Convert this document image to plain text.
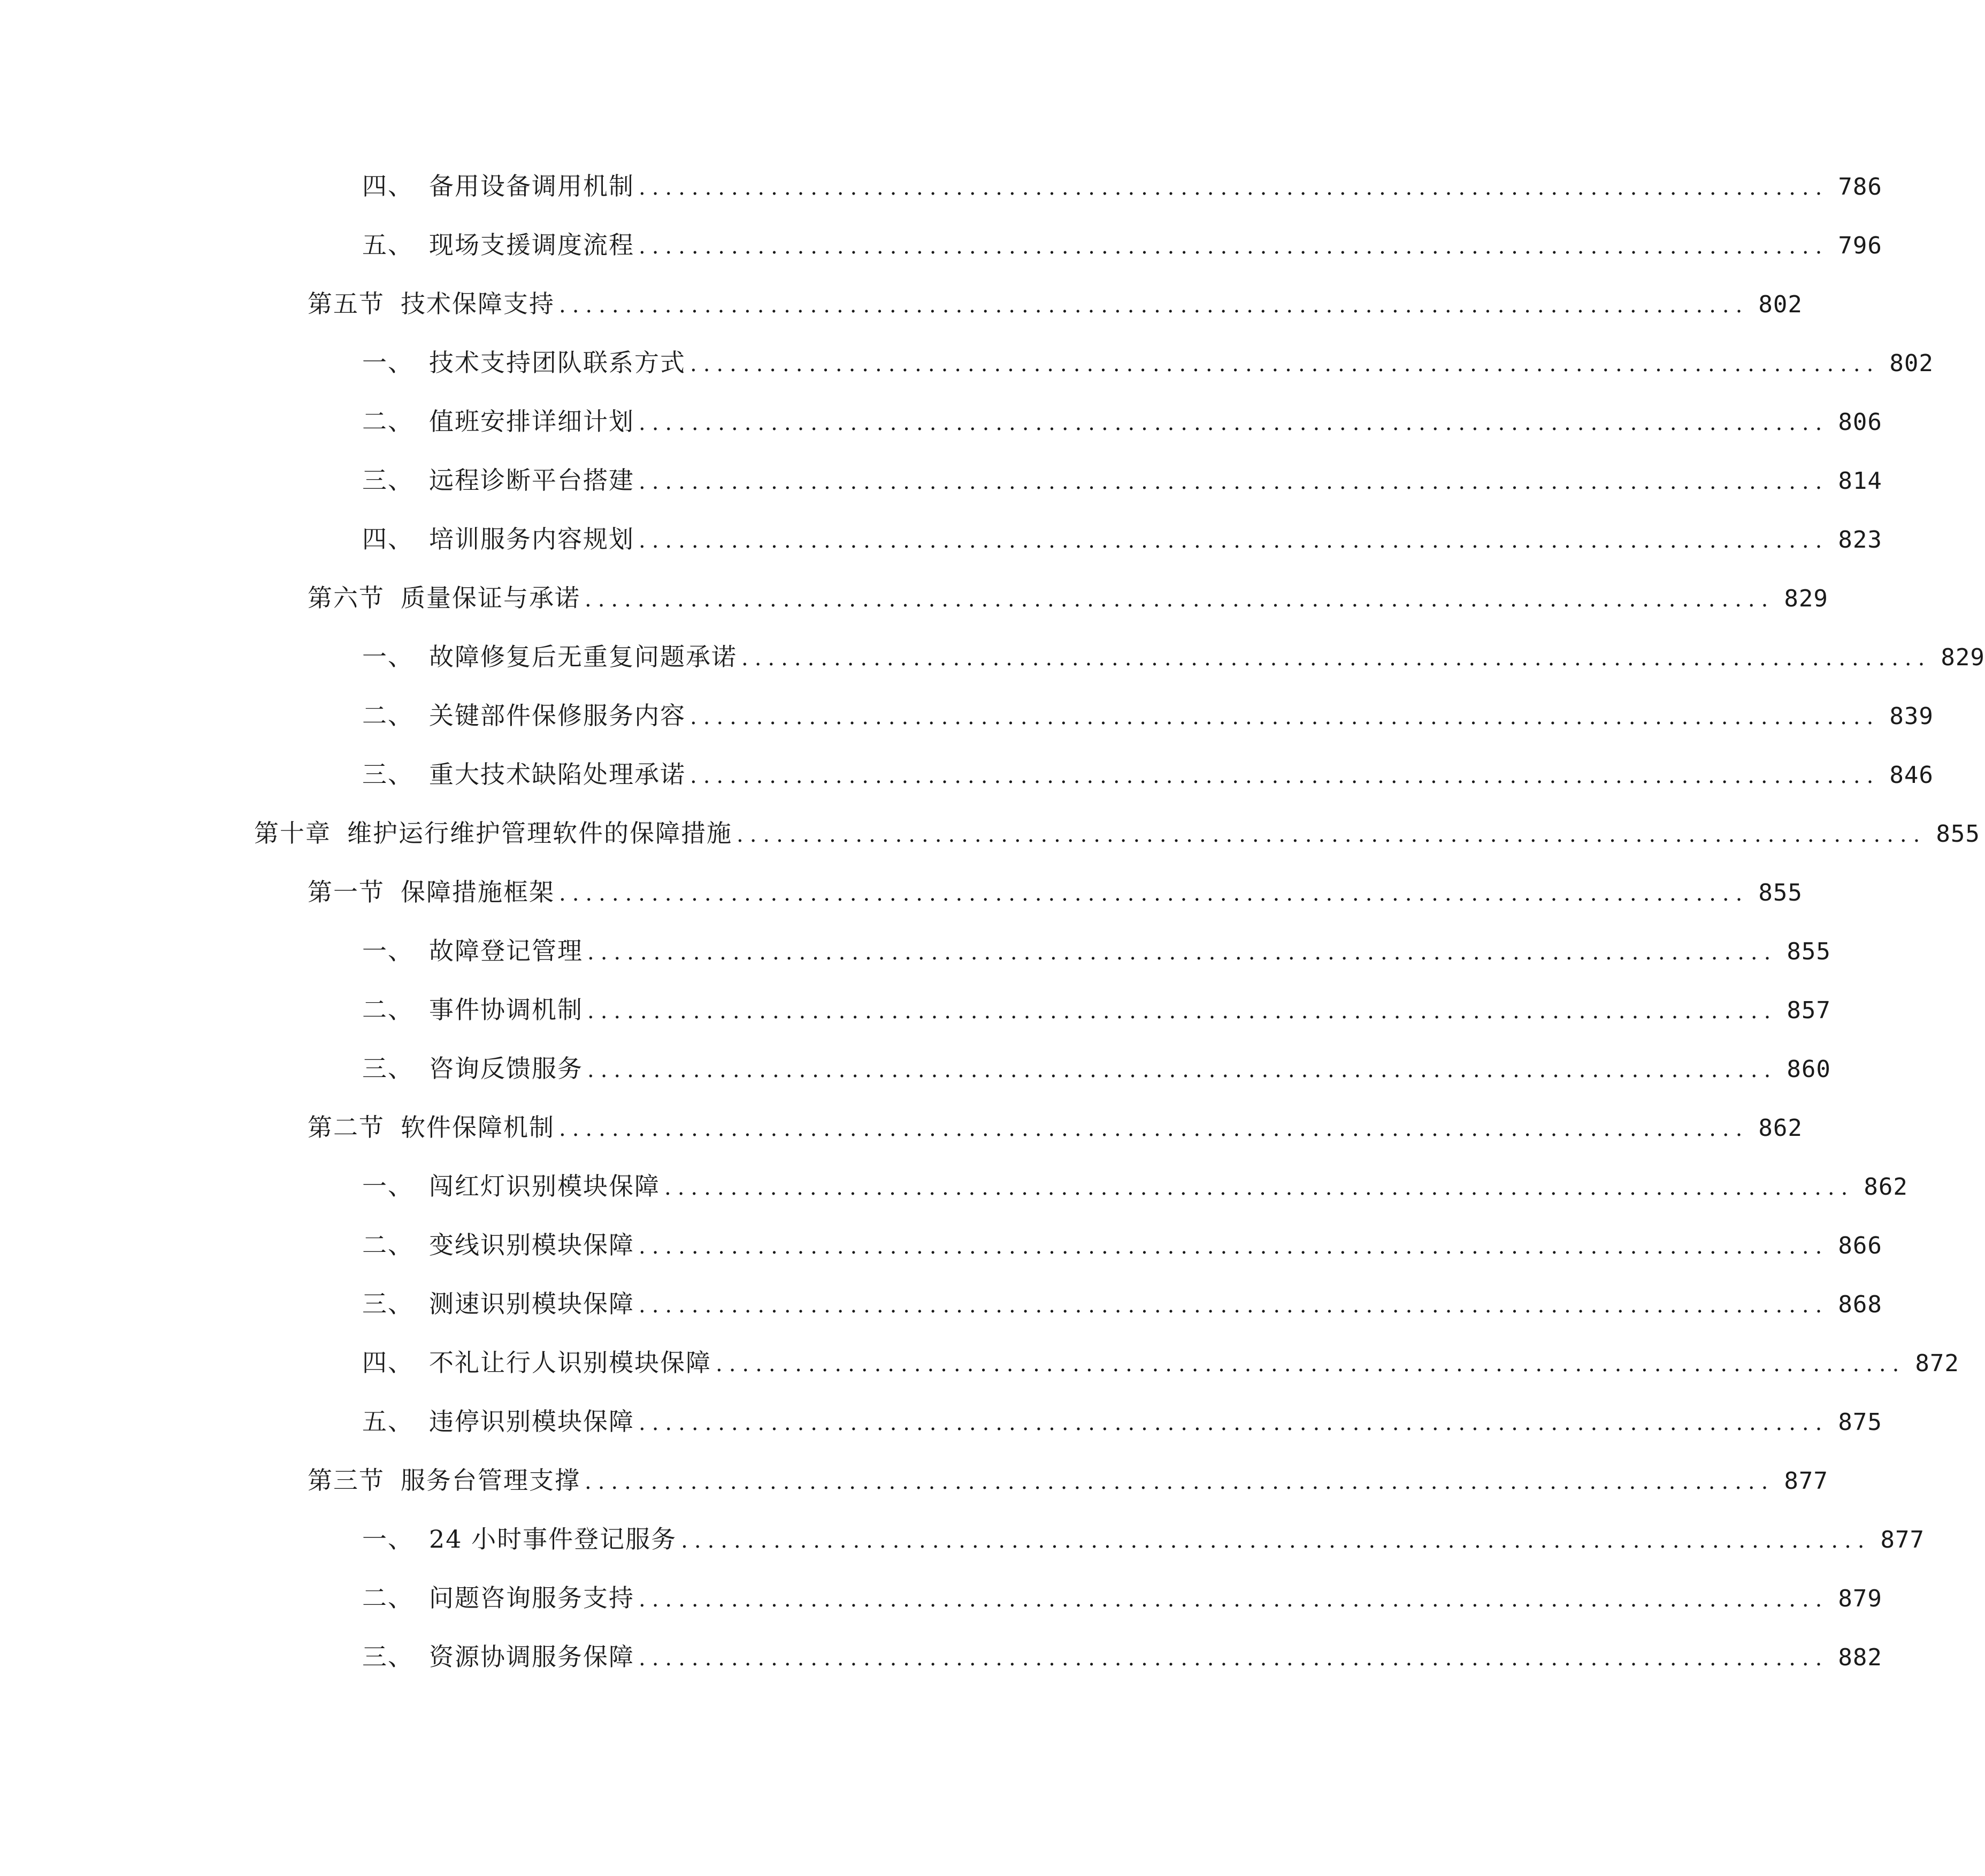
四、 备用设备调用机制 .......................................................................................... 786
五、 现场支援调度流程 .......................................................................................... 796
第五节 技术保障支持 .......................................................................................... 802
一、 技术支持团队联系方式 .......................................................................................... 802
二、 值班安排详细计划 .......................................................................................... 806
三、 远程诊断平台搭建 .......................................................................................... 814
四、 培训服务内容规划 .......................................................................................... 823
第六节 质量保证与承诺 .......................................................................................... 829
一、 故障修复后无重复问题承诺 .......................................................................................... 829
二、 关键部件保修服务内容 .......................................................................................... 839
三、 重大技术缺陷处理承诺 .......................................................................................... 846
第十章 维护运行维护管理软件的保障措施 .......................................................................................... 855
第一节 保障措施框架 .......................................................................................... 855
一、 故障登记管理 .......................................................................................... 855
二、 事件协调机制 .......................................................................................... 857
三、 咨询反馈服务 .......................................................................................... 860
第二节 软件保障机制 .......................................................................................... 862
一、 闯红灯识别模块保障 .......................................................................................... 862
二、 变线识别模块保障 .......................................................................................... 866
三、 测速识别模块保障 .......................................................................................... 868
四、 不礼让行人识别模块保障 .......................................................................................... 872
五、 违停识别模块保障 .......................................................................................... 875
第三节 服务台管理支撑 .......................................................................................... 877
一、 24 小时事件登记服务 .......................................................................................... 877
二、 问题咨询服务支持 .......................................................................................... 879
三、 资源协调服务保障 .......................................................................................... 882
